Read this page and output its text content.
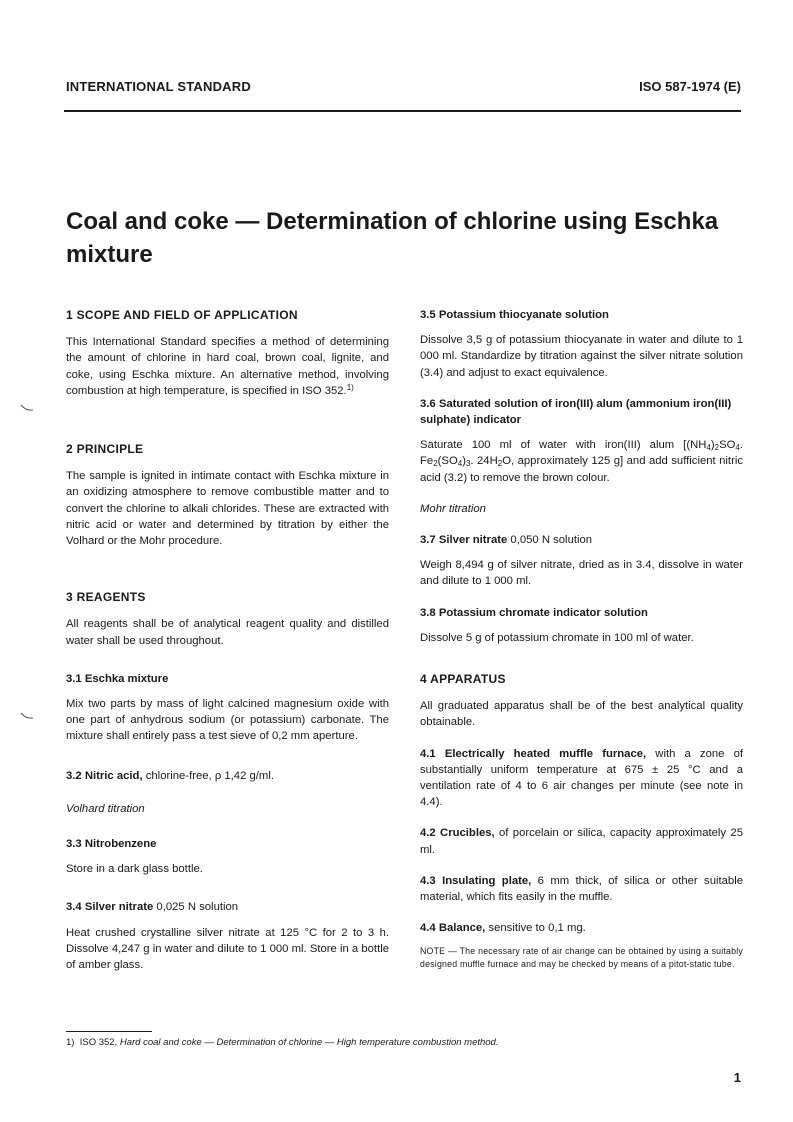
INTERNATIONAL STANDARD	ISO 587-1974 (E)
Coal and coke — Determination of chlorine using Eschka mixture
1 SCOPE AND FIELD OF APPLICATION

This International Standard specifies a method of determining the amount of chlorine in hard coal, brown coal, lignite, and coke, using Eschka mixture. An alternative method, involving combustion at high temperature, is specified in ISO 352.$^{1)}$

2 PRINCIPLE

The sample is ignited in intimate contact with Eschka mixture in an oxidizing atmosphere to remove combustible matter and to convert the chlorine to alkali chlorides. These are extracted with nitric acid or water and determined by titration by either the Volhard or the Mohr procedure.

3 REAGENTS

All reagents shall be of analytical reagent quality and distilled water shall be used throughout.

3.1 Eschka mixture

Mix two parts by mass of light calcined magnesium oxide with one part of anhydrous sodium (or potassium) carbonate. The mixture shall entirely pass a test sieve of 0,2 mm aperture.

3.2 Nitric acid, chlorine-free, ρ 1,42 g/ml.

Volhard titration

3.3 Nitrobenzene

Store in a dark glass bottle.

3.4 Silver nitrate 0,025 N solution

Heat crushed crystalline silver nitrate at 125 °C for 2 to 3 h. Dissolve 4,247 g in water and dilute to 1 000 ml. Store in a bottle of amber glass.

3.5 Potassium thiocyanate solution

Dissolve 3,5 g of potassium thiocyanate in water and dilute to 1 000 ml. Standardize by titration against the silver nitrate solution (3.4) and adjust to exact equivalence.

3.6 Saturated solution of iron(III) alum (ammonium iron(III) sulphate) indicator

Saturate 100 ml of water with iron(III) alum [$(NH_4)_2SO_4$. $Fe_2(SO_4)_3$. $24H_2O$, approximately 125 g] and add sufficient nitric acid (3.2) to remove the brown colour.

Mohr titration

3.7 Silver nitrate 0,050 N solution

Weigh 8,494 g of silver nitrate, dried as in 3.4, dissolve in water and dilute to 1 000 ml.

3.8 Potassium chromate indicator solution

Dissolve 5 g of potassium chromate in 100 ml of water.

4 APPARATUS

All graduated apparatus shall be of the best analytical quality obtainable.

4.1 Electrically heated muffle furnace, with a zone of substantially uniform temperature at 675 ± 25 °C and a ventilation rate of 4 to 6 air changes per minute (see note in 4.4).

4.2 Crucibles, of porcelain or silica, capacity approximately 25 ml.

4.3 Insulating plate, 6 mm thick, of silica or other suitable material, which fits easily in the muffle.

4.4 Balance, sensitive to 0,1 mg.

NOTE — The necessary rate of air change can be obtained by using a suitably designed muffle furnace and may be checked by means of a pitot-static tube.

1) ISO 352, Hard coal and coke — Determination of chlorine — High temperature combustion method.
1
